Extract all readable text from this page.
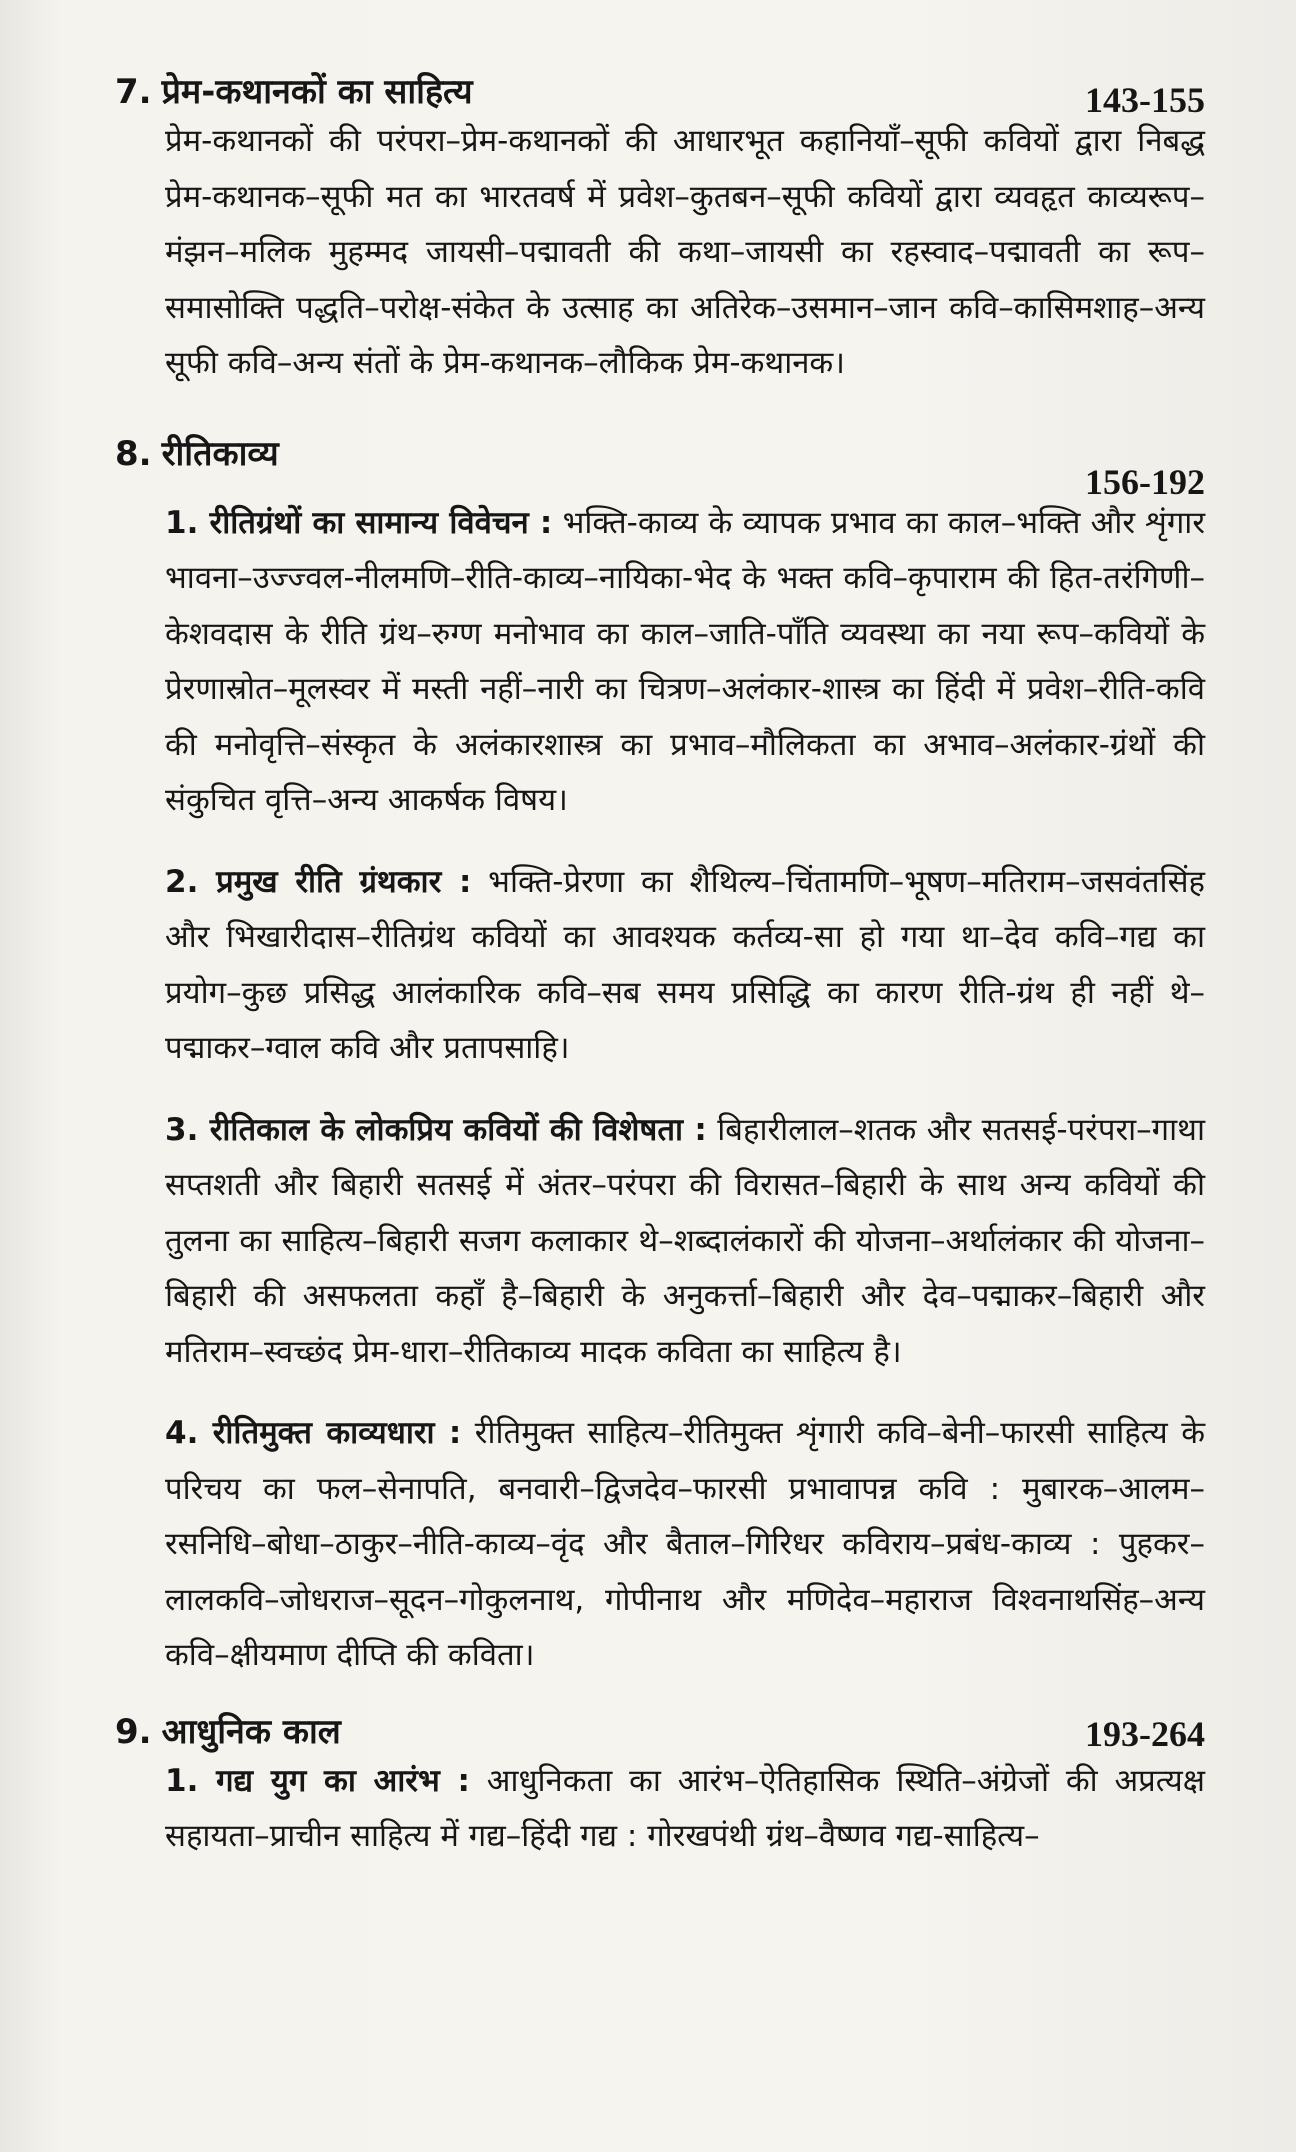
7. प्रेम-कथानकों का साहित्य	143-155

प्रेम-कथानकों की परंपरा–प्रेम-कथानकों की आधारभूत कहानियाँ–सूफी कवियों द्वारा निबद्ध प्रेम-कथानक–सूफी मत का भारतवर्ष में प्रवेश–कुतबन–सूफी कवियों द्वारा व्यवहृत काव्यरूप–मंझन–मलिक मुहम्मद जायसी–पद्मावती की कथा–जायसी का रहस्वाद–पद्मावती का रूप–समासोक्ति पद्धति–परोक्ष-संकेत के उत्साह का अतिरेक–उसमान–जान कवि–कासिमशाह–अन्य सूफी कवि–अन्य संतों के प्रेम-कथानक–लौकिक प्रेम-कथानक।

8. रीतिकाव्य
156-192

1. रीतिग्रंथों का सामान्य विवेचन : भक्ति-काव्य के व्यापक प्रभाव का काल–भक्ति और शृंगार भावना–उज्ज्वल-नीलमणि–रीति-काव्य–नायिका-भेद के भक्त कवि–कृपाराम की हित-तरंगिणी–केशवदास के रीति ग्रंथ–रुग्ण मनोभाव का काल–जाति-पाँति व्यवस्था का नया रूप–कवियों के प्रेरणास्रोत–मूलस्वर में मस्ती नहीं–नारी का चित्रण–अलंकार-शास्त्र का हिंदी में प्रवेश–रीति-कवि की मनोवृत्ति–संस्कृत के अलंकारशास्त्र का प्रभाव–मौलिकता का अभाव–अलंकार-ग्रंथों की संकुचित वृत्ति–अन्य आकर्षक विषय।

2. प्रमुख रीति ग्रंथकार : भक्ति-प्रेरणा का शैथिल्य–चिंतामणि–भूषण–मतिराम–जसवंतसिंह और भिखारीदास–रीतिग्रंथ कवियों का आवश्यक कर्तव्य-सा हो गया था–देव कवि–गद्य का प्रयोग–कुछ प्रसिद्ध आलंकारिक कवि–सब समय प्रसिद्धि का कारण रीति-ग्रंथ ही नहीं थे–पद्माकर–ग्वाल कवि और प्रतापसाहि।

3. रीतिकाल के लोकप्रिय कवियों की विशेषता : बिहारीलाल–शतक और सतसई-परंपरा–गाथा सप्तशती और बिहारी सतसई में अंतर–परंपरा की विरासत–बिहारी के साथ अन्य कवियों की तुलना का साहित्य–बिहारी सजग कलाकार थे–शब्दालंकारों की योजना–अर्थालंकार की योजना–बिहारी की असफलता कहाँ है–बिहारी के अनुकर्त्ता–बिहारी और देव–पद्माकर–बिहारी और मतिराम–स्वच्छंद प्रेम-धारा–रीतिकाव्य मादक कविता का साहित्य है।

4. रीतिमुक्त काव्यधारा : रीतिमुक्त साहित्य–रीतिमुक्त शृंगारी कवि–बेनी–फारसी साहित्य के परिचय का फल–सेनापति, बनवारी–द्विजदेव–फारसी प्रभावापन्न कवि : मुबारक–आलम–रसनिधि–बोधा–ठाकुर–नीति-काव्य–वृंद और बैताल–गिरिधर कविराय–प्रबंध-काव्य : पुहकर–लालकवि–जोधराज–सूदन–गोकुलनाथ, गोपीनाथ और मणिदेव–महाराज विश्वनाथसिंह–अन्य कवि–क्षीयमाण दीप्ति की कविता।

9. आधुनिक काल	193-264

1. गद्य युग का आरंभ : आधुनिकता का आरंभ–ऐतिहासिक स्थिति–अंग्रेजों की अप्रत्यक्ष सहायता–प्राचीन साहित्य में गद्य–हिंदी गद्य : गोरखपंथी ग्रंथ–वैष्णव गद्य-साहित्य–
